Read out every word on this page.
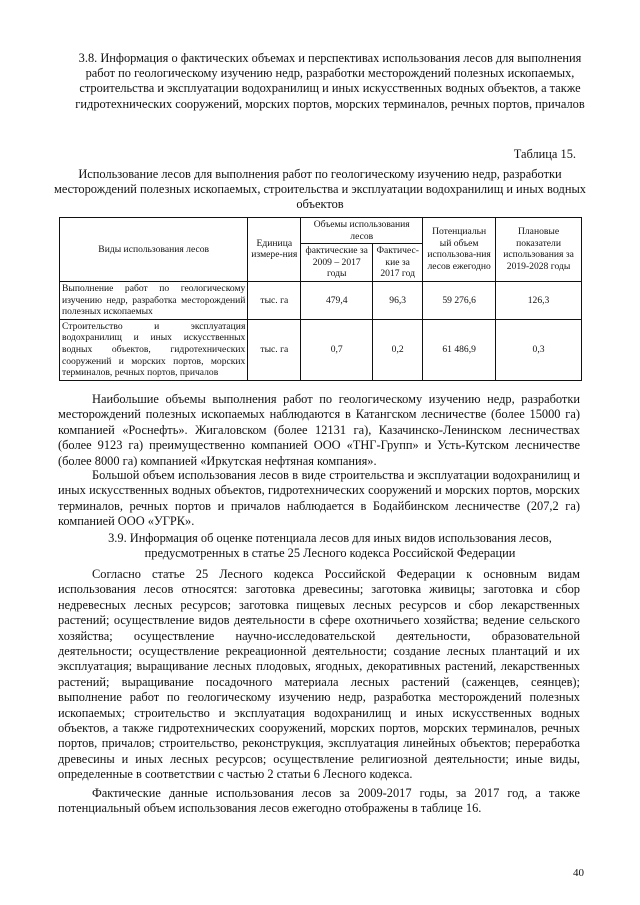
3.8. Информация о фактических объемах и перспективах использования лесов для выполнения работ по геологическому изучению недр, разработки месторождений полезных ископаемых, строительства и эксплуатации водохранилищ и иных искусственных водных объектов, а также гидротехнических сооружений, морских портов, морских терминалов, речных портов, причалов
Таблица 15.
Использование лесов для выполнения работ по геологическому изучению недр, разработки месторождений полезных ископаемых, строительства и эксплуатации водохранилищ и иных водных объектов
Виды использования лесов	Единица измере-ния	Объемы использования лесов		Потенциальн ый объем использова-ния лесов ежегодно	Плановые показатели использования за 2019-2028 годы
		фактические за 2009 – 2017 годы	Фактичес-кие за 2017 год		
Выполнение работ по геологическому изучению недр, разработка месторождений полезных ископаемых	тыс. га	479,4	96,3	59 276,6	126,3
Строительство и эксплуатация водохранилищ и иных искусственных водных объектов, гидротехнических сооружений и морских портов, морских терминалов, речных портов, причалов	тыс. га	0,7	0,2	61 486,9	0,3

Наибольшие объемы выполнения работ по геологическому изучению недр, разработки месторождений полезных ископаемых наблюдаются в Катангском лесничестве (более 15000 га) компанией «Роснефть». Жигаловском (более 12131 га), Казачинско-Ленинском лесничествах (более 9123 га) преимущественно компанией ООО «ТНГ-Групп» и Усть-Кутском лесничестве (более 8000 га) компанией «Иркутская нефтяная компания».

Большой объем использования лесов в виде строительства и эксплуатации водохранилищ и иных искусственных водных объектов, гидротехнических сооружений и морских портов, морских терминалов, речных портов и причалов наблюдается в Бодайбинском лесничестве (207,2 га) компанией ООО «УГРК».

3.9. Информация об оценке потенциала лесов для иных видов использования лесов, предусмотренных в статье 25 Лесного кодекса Российской Федерации

Согласно статье 25 Лесного кодекса Российской Федерации к основным видам использования лесов относятся: заготовка древесины; заготовка живицы; заготовка и сбор недревесных лесных ресурсов; заготовка пищевых лесных ресурсов и сбор лекарственных растений; осуществление видов деятельности в сфере охотничьего хозяйства; ведение сельского хозяйства; осуществление научно-исследовательской деятельности, образовательной деятельности; осуществление рекреационной деятельности; создание лесных плантаций и их эксплуатация; выращивание лесных плодовых, ягодных, декоративных растений, лекарственных растений; выращивание посадочного материала лесных растений (саженцев, сеянцев); выполнение работ по геологическому изучению недр, разработка месторождений полезных ископаемых; строительство и эксплуатация водохранилищ и иных искусственных водных объектов, а также гидротехнических сооружений, морских портов, морских терминалов, речных портов, причалов; строительство, реконструкция, эксплуатация линейных объектов; переработка древесины и иных лесных ресурсов; осуществление религиозной деятельности; иные виды, определенные в соответствии с частью 2 статьи 6 Лесного кодекса.

Фактические данные использования лесов за 2009-2017 годы, за 2017 год, а также потенциальный объем использования лесов ежегодно отображены в таблице 16.

40
